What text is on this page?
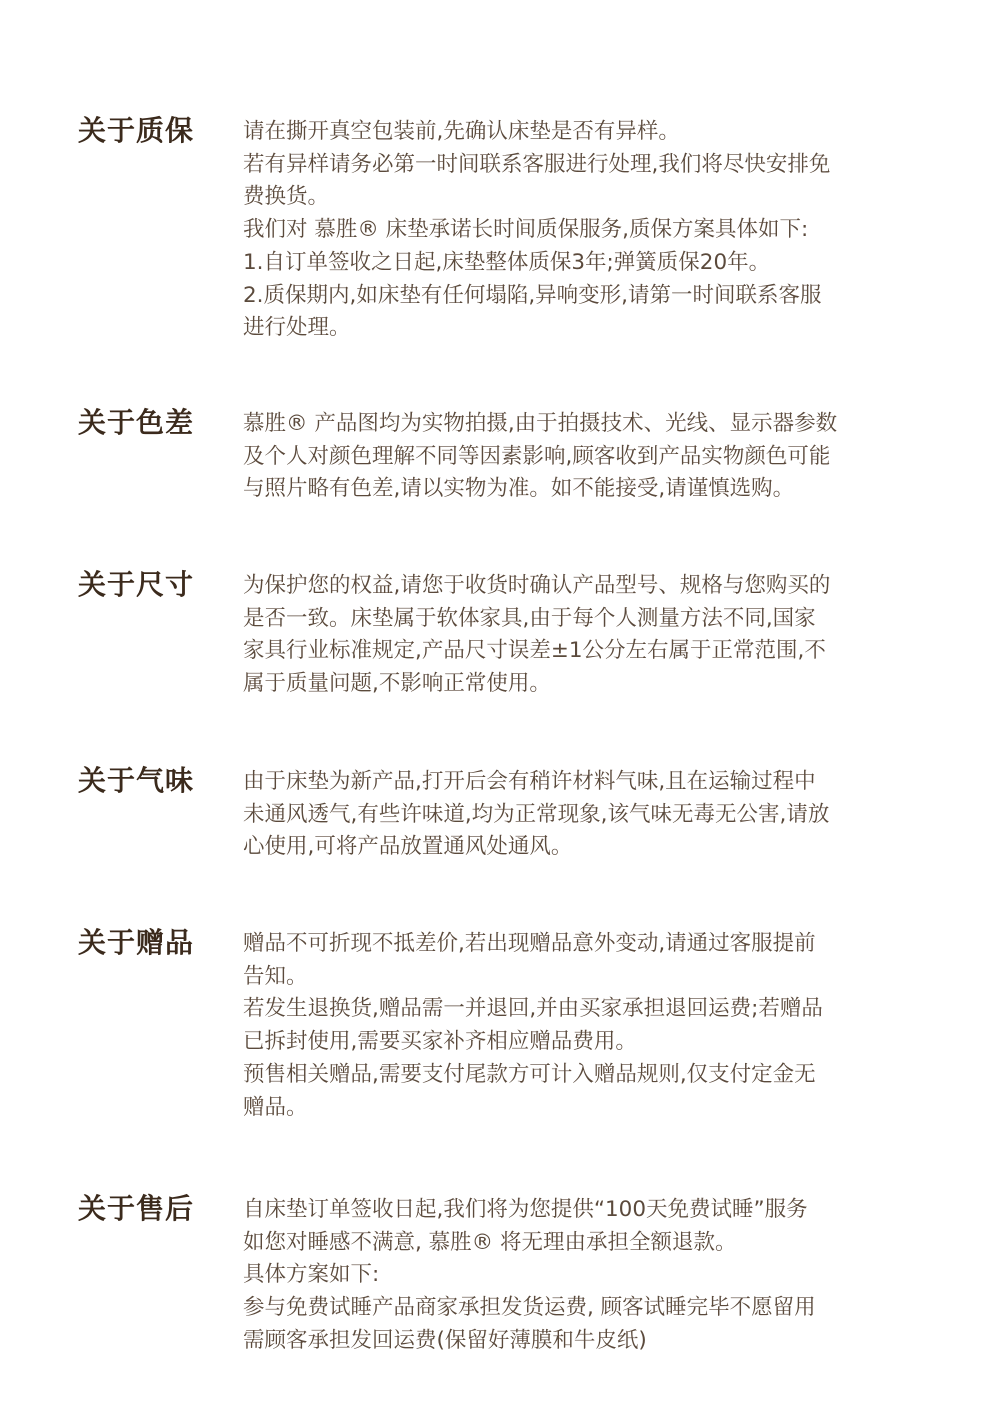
关于质保 请在撕开真空包装前,先确认床垫是否有异样。
若有异样请务必第一时间联系客服进行处理,我们将尽快安排免
费换货。
我们对 慕胜® 床垫承诺长时间质保服务,质保方案具体如下:
1.自订单签收之日起,床垫整体质保3年;弹簧质保20年。
2.质保期内,如床垫有任何塌陷,异响变形,请第一时间联系客服
进行处理。
关于色差 慕胜® 产品图均为实物拍摄,由于拍摄技术、光线、显示器参数
及个人对颜色理解不同等因素影响,顾客收到产品实物颜色可能
与照片略有色差,请以实物为准。如不能接受,请谨慎选购。
关于尺寸 为保护您的权益,请您于收货时确认产品型号、规格与您购买的
是否一致。床垫属于软体家具,由于每个人测量方法不同,国家
家具行业标准规定,产品尺寸误差±1公分左右属于正常范围,不
属于质量问题,不影响正常使用。
关于气味 由于床垫为新产品,打开后会有稍许材料气味,且在运输过程中
未通风透气,有些许味道,均为正常现象,该气味无毒无公害,请放
心使用,可将产品放置通风处通风。
关于赠品 赠品不可折现不抵差价,若出现赠品意外变动,请通过客服提前
告知。
若发生退换货,赠品需一并退回,并由买家承担退回运费;若赠品
已拆封使用,需要买家补齐相应赠品费用。
预售相关赠品,需要支付尾款方可计入赠品规则,仅支付定金无
赠品。
关于售后 自床垫订单签收日起,我们将为您提供“100天免费试睡”服务
如您对睡感不满意, 慕胜® 将无理由承担全额退款。
具体方案如下:
参与免费试睡产品商家承担发货运费, 顾客试睡完毕不愿留用
需顾客承担发回运费(保留好薄膜和牛皮纸)
